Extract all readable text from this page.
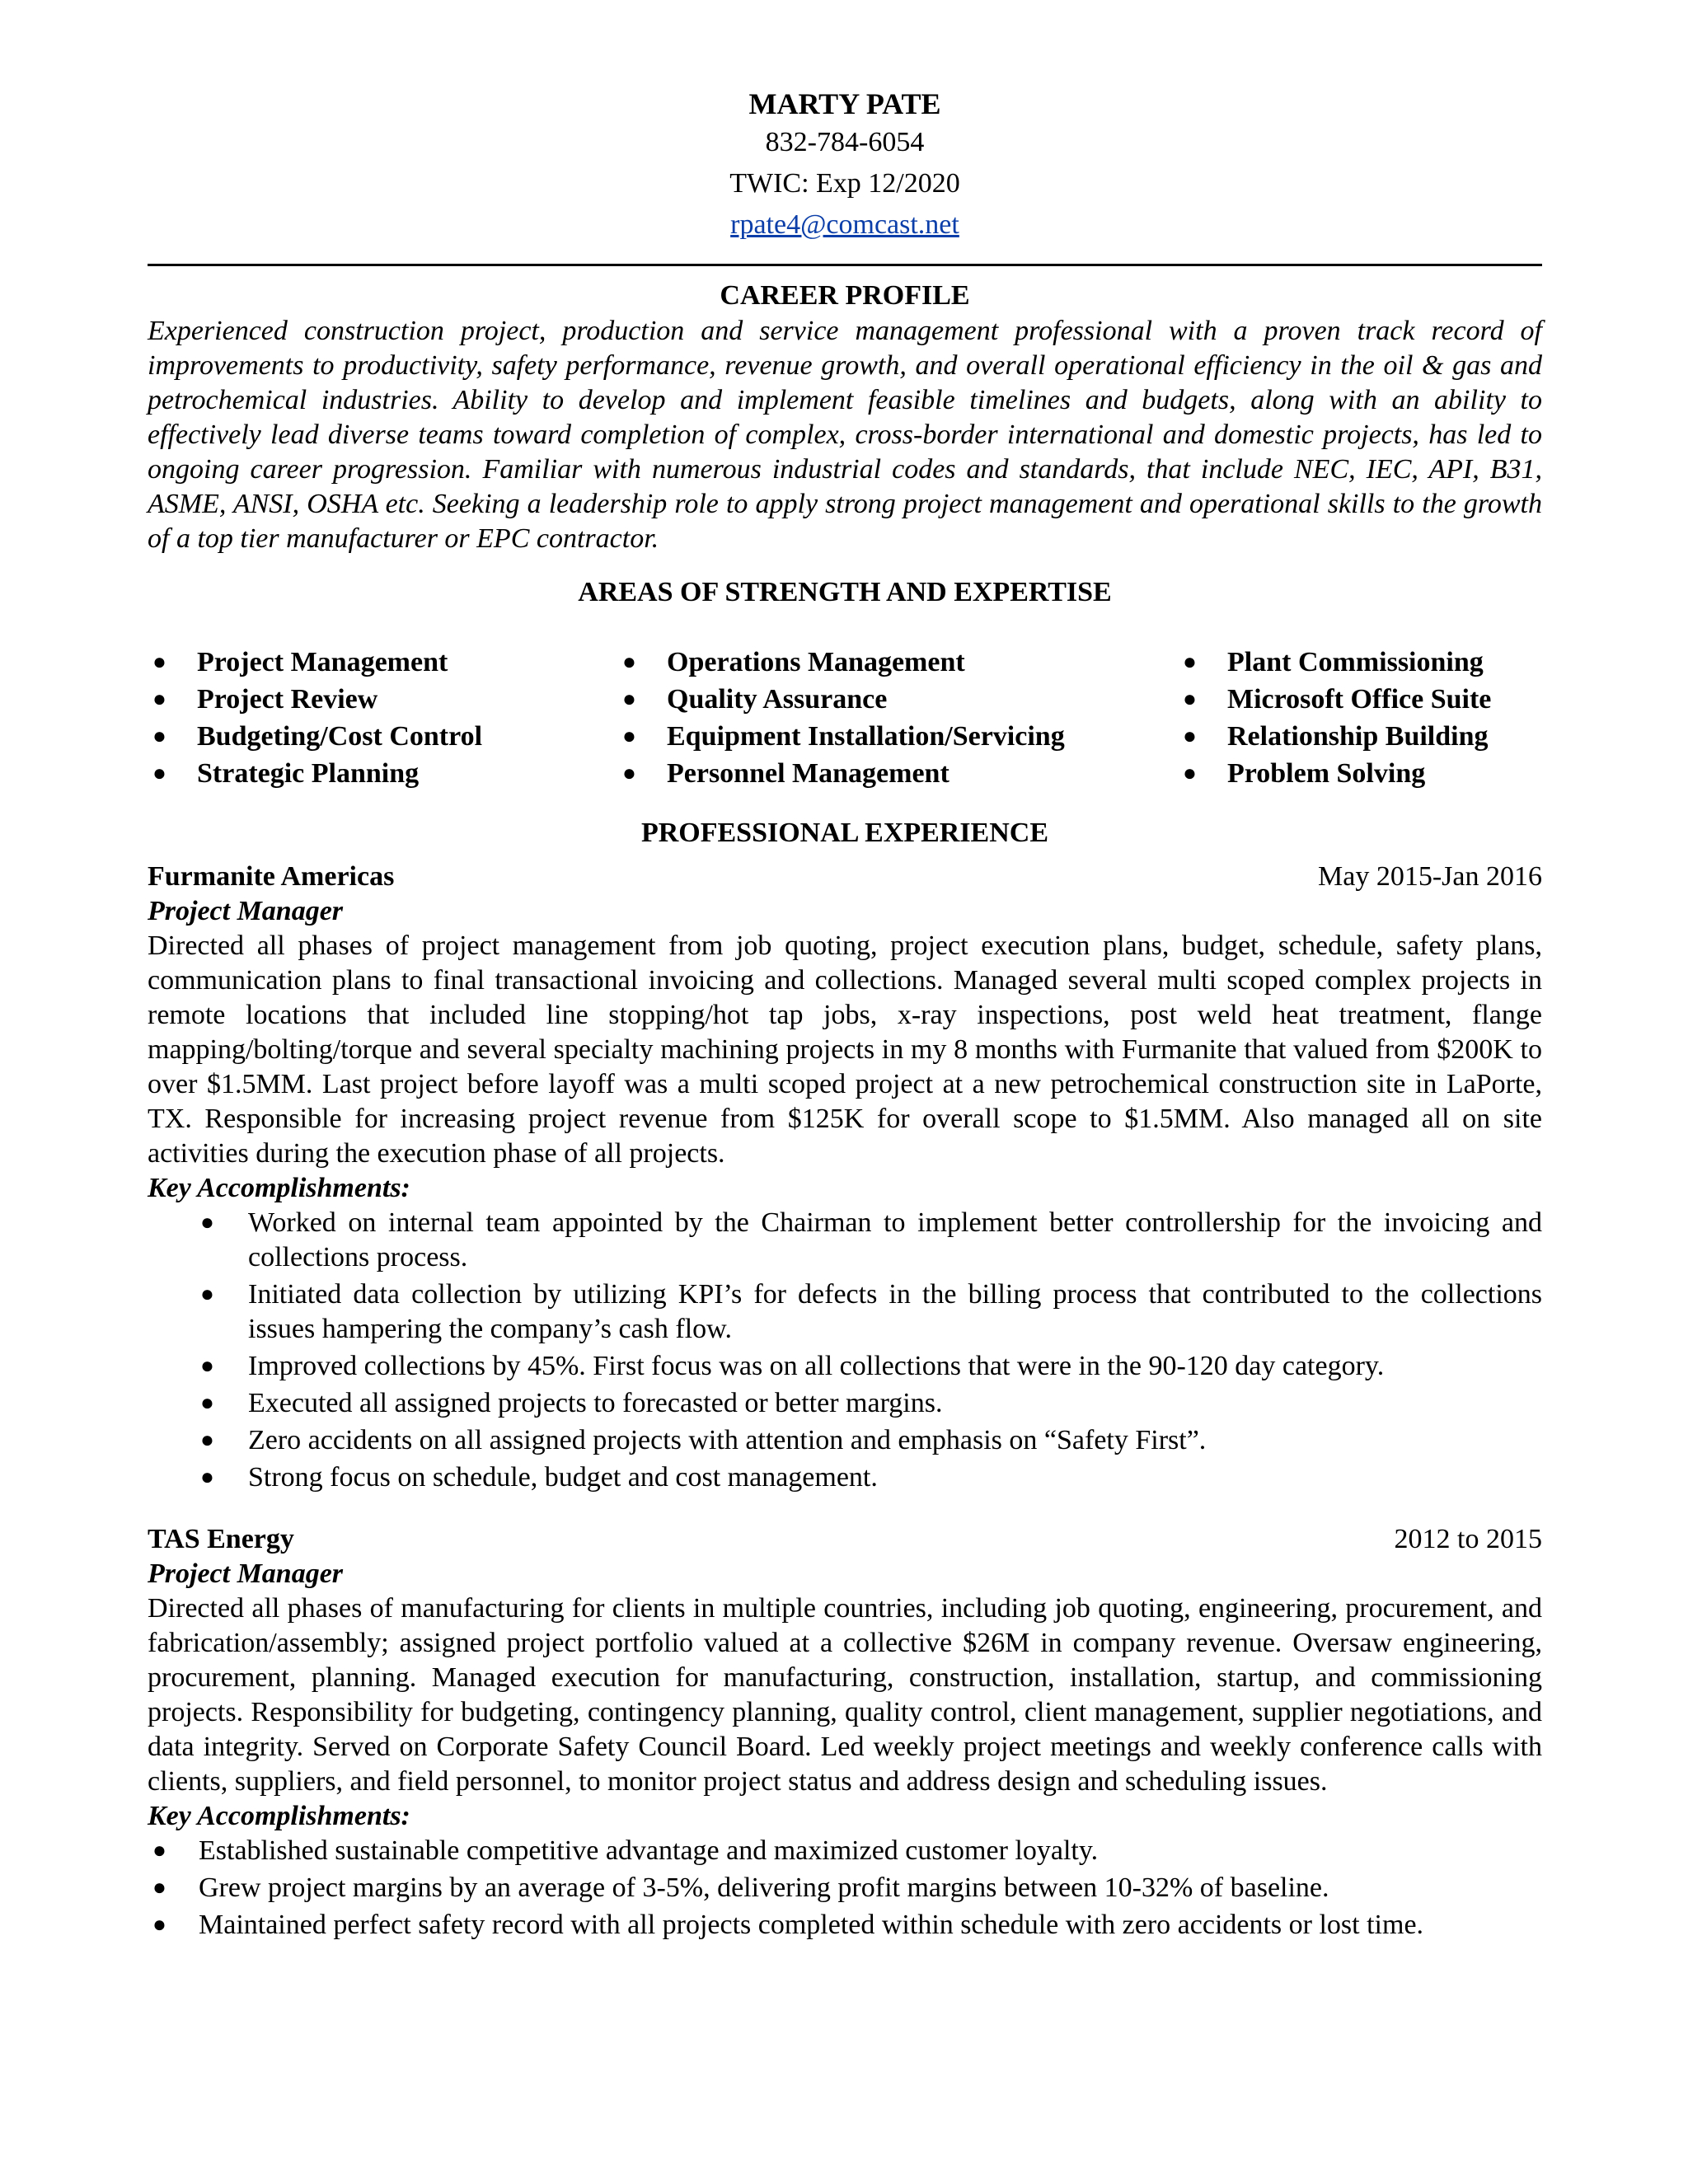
MARTY PATE
832-784-6054
TWIC: Exp 12/2020
rpate4@comcast.net
CAREER PROFILE

Experienced construction project, production and service management professional with a proven track record of improvements to productivity, safety performance, revenue growth, and overall operational efficiency in the oil & gas and petrochemical industries. Ability to develop and implement feasible timelines and budgets, along with an ability to effectively lead diverse teams toward completion of complex, cross-border international and domestic projects, has led to ongoing career progression. Familiar with numerous industrial codes and standards, that include NEC, IEC, API, B31, ASME, ANSI, OSHA etc. Seeking a leadership role to apply strong project management and operational skills to the growth of a top tier manufacturer or EPC contractor.

AREAS OF STRENGTH AND EXPERTISE
● Project Management
● Project Review
● Budgeting/Cost Control
● Strategic Planning
● Operations Management
● Quality Assurance
● Equipment Installation/Servicing
● Personnel Management
● Plant Commissioning
● Microsoft Office Suite
● Relationship Building
● Problem Solving
PROFESSIONAL EXPERIENCE
Furmanite Americas	May 2015-Jan 2016
Project Manager

Directed all phases of project management from job quoting, project execution plans, budget, schedule, safety plans, communication plans to final transactional invoicing and collections. Managed several multi scoped complex projects in remote locations that included line stopping/hot tap jobs, x-ray inspections, post weld heat treatment, flange mapping/bolting/torque and several specialty machining projects in my 8 months with Furmanite that valued from $200K to over $1.5MM. Last project before layoff was a multi scoped project at a new petrochemical construction site in LaPorte, TX. Responsible for increasing project revenue from $125K for overall scope to $1.5MM. Also managed all on site activities during the execution phase of all projects.

Key Accomplishments:
● Worked on internal team appointed by the Chairman to implement better controllership for the invoicing and collections process.
● Initiated data collection by utilizing KPI’s for defects in the billing process that contributed to the collections issues hampering the company’s cash flow.
● Improved collections by 45%. First focus was on all collections that were in the 90-120 day category.
● Executed all assigned projects to forecasted or better margins.
● Zero accidents on all assigned projects with attention and emphasis on “Safety First”.
● Strong focus on schedule, budget and cost management.
TAS Energy	2012 to 2015
Project Manager

Directed all phases of manufacturing for clients in multiple countries, including job quoting, engineering, procurement, and fabrication/assembly; assigned project portfolio valued at a collective $26M in company revenue. Oversaw engineering, procurement, planning. Managed execution for manufacturing, construction, installation, startup, and commissioning projects. Responsibility for budgeting, contingency planning, quality control, client management, supplier negotiations, and data integrity. Served on Corporate Safety Council Board. Led weekly project meetings and weekly conference calls with clients, suppliers, and field personnel, to monitor project status and address design and scheduling issues.

Key Accomplishments:
● Established sustainable competitive advantage and maximized customer loyalty.
● Grew project margins by an average of 3-5%, delivering profit margins between 10-32% of baseline.
● Maintained perfect safety record with all projects completed within schedule with zero accidents or lost time.
